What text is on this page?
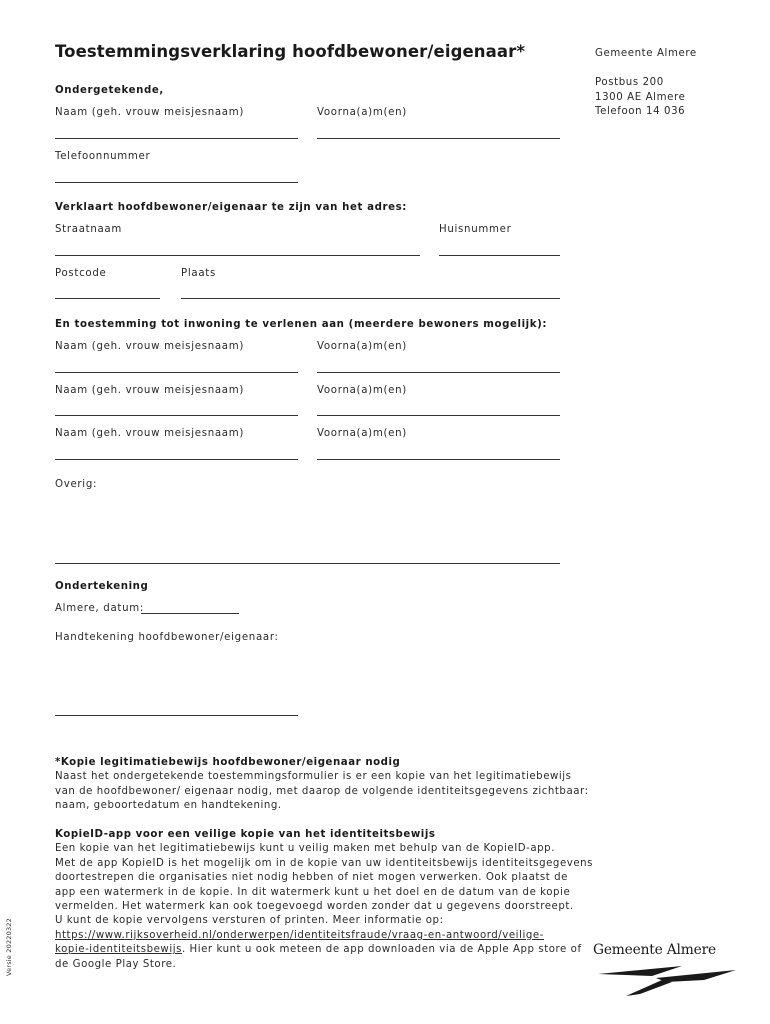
Toestemmingsverklaring hoofdbewoner/eigenaar*	Gemeente Almere
Postbus 200
1300 AE Almere
Telefoon 14 036
Ondergetekende,
Naam (geh. vrouw meisjesnaam)	Voorna(a)m(en)
Telefoonnummer
Verklaart hoofdbewoner/eigenaar te zijn van het adres:
Straatnaam	Huisnummer
Postcode	Plaats
En toestemming tot inwoning te verlenen aan (meerdere bewoners mogelijk):
Naam (geh. vrouw meisjesnaam)	Voorna(a)m(en)
Naam (geh. vrouw meisjesnaam)	Voorna(a)m(en)
Naam (geh. vrouw meisjesnaam)	Voorna(a)m(en)
Overig:
Ondertekening
Almere, datum:
Handtekening hoofdbewoner/eigenaar:
*Kopie legitimatiebewijs hoofdbewoner/eigenaar nodig
Naast het ondergetekende toestemmingsformulier is er een kopie van het legitimatiebewijs
van de hoofdbewoner/ eigenaar nodig, met daarop de volgende identiteitsgegevens zichtbaar:
naam, geboortedatum en handtekening.
KopieID-app voor een veilige kopie van het identiteitsbewijs
Een kopie van het legitimatiebewijs kunt u veilig maken met behulp van de KopieID-app.
Met de app KopieID is het mogelijk om in de kopie van uw identiteitsbewijs identiteitsgegevens
doortestrepen die organisaties niet nodig hebben of niet mogen verwerken. Ook plaatst de
app een watermerk in de kopie. In dit watermerk kunt u het doel en de datum van de kopie
vermelden. Het watermerk kan ook toegevoegd worden zonder dat u gegevens doorstreept.
U kunt de kopie vervolgens versturen of printen. Meer informatie op:
https://www.rijksoverheid.nl/onderwerpen/identiteitsfraude/vraag-en-antwoord/veilige-
kopie-identiteitsbewijs. Hier kunt u ook meteen de app downloaden via de Apple App store of
de Google Play Store.
Versie 20220322	Gemeente Almere
